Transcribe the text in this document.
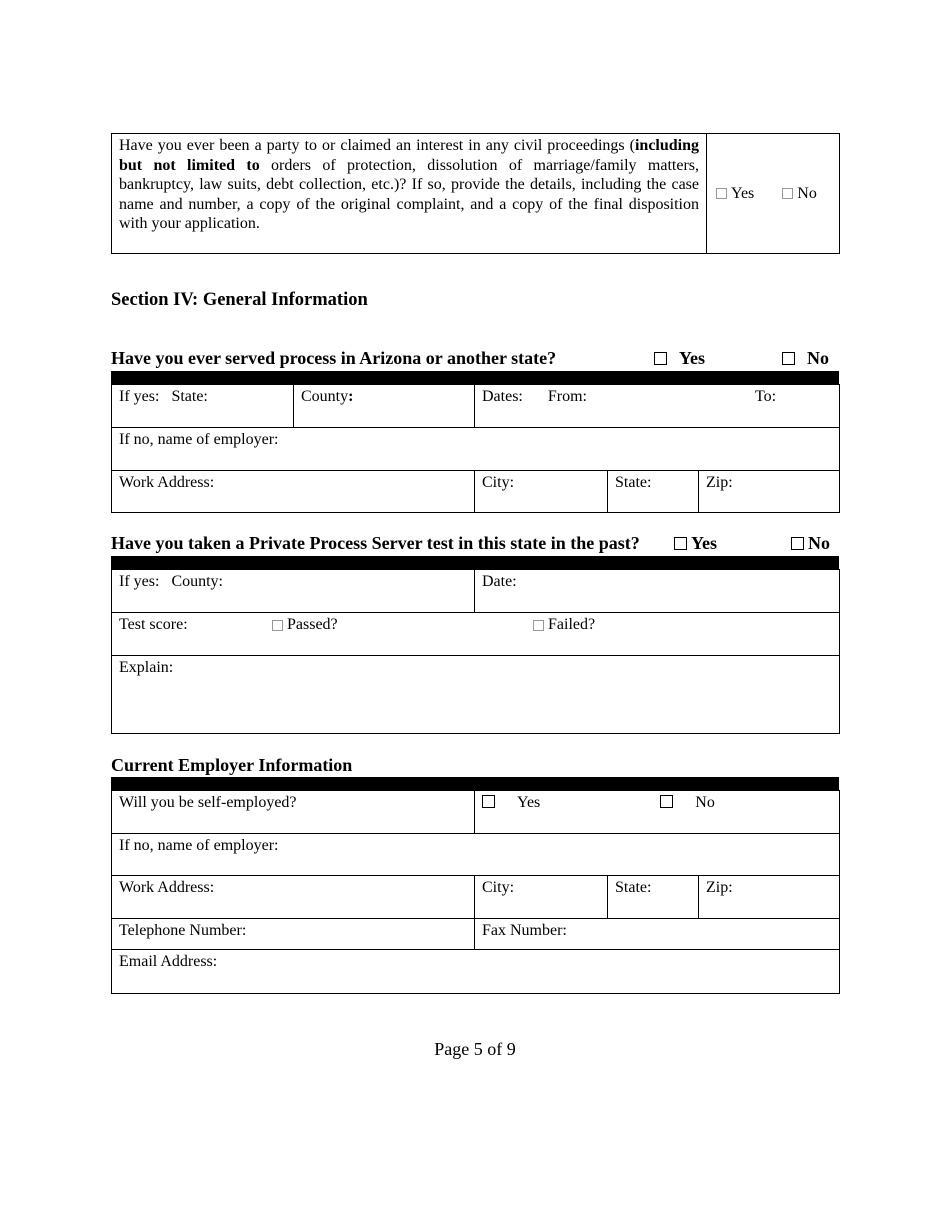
Have you ever been a party to or claimed an interest in any civil proceedings (including but not limited to orders of protection, dissolution of marriage/family matters, bankruptcy, law suits, debt collection, etc.)? If so, provide the details, including the case name and number, a copy of the original complaint, and a copy of the final disposition with your application.	Yes	No
Section IV: General Information
Have you ever served process in Arizona or another state?	Yes	No
If yes: State:	County:	Dates: From: To:		

If no, name of employer:				
Work Address:		City:	State:	Zip:
Have you taken a Private Process Server test in this state in the past?	Yes	No
If yes: County:	Date:
Test score:	Passed?	Failed?

Explain:
Current Employer Information
Will you be self-employed?	Yes No		
If no, name of employer:			
Work Address:	City:	State:	Zip:
Telephone Number:	Fax Number:		
Email Address:			
Page 5 of 9
